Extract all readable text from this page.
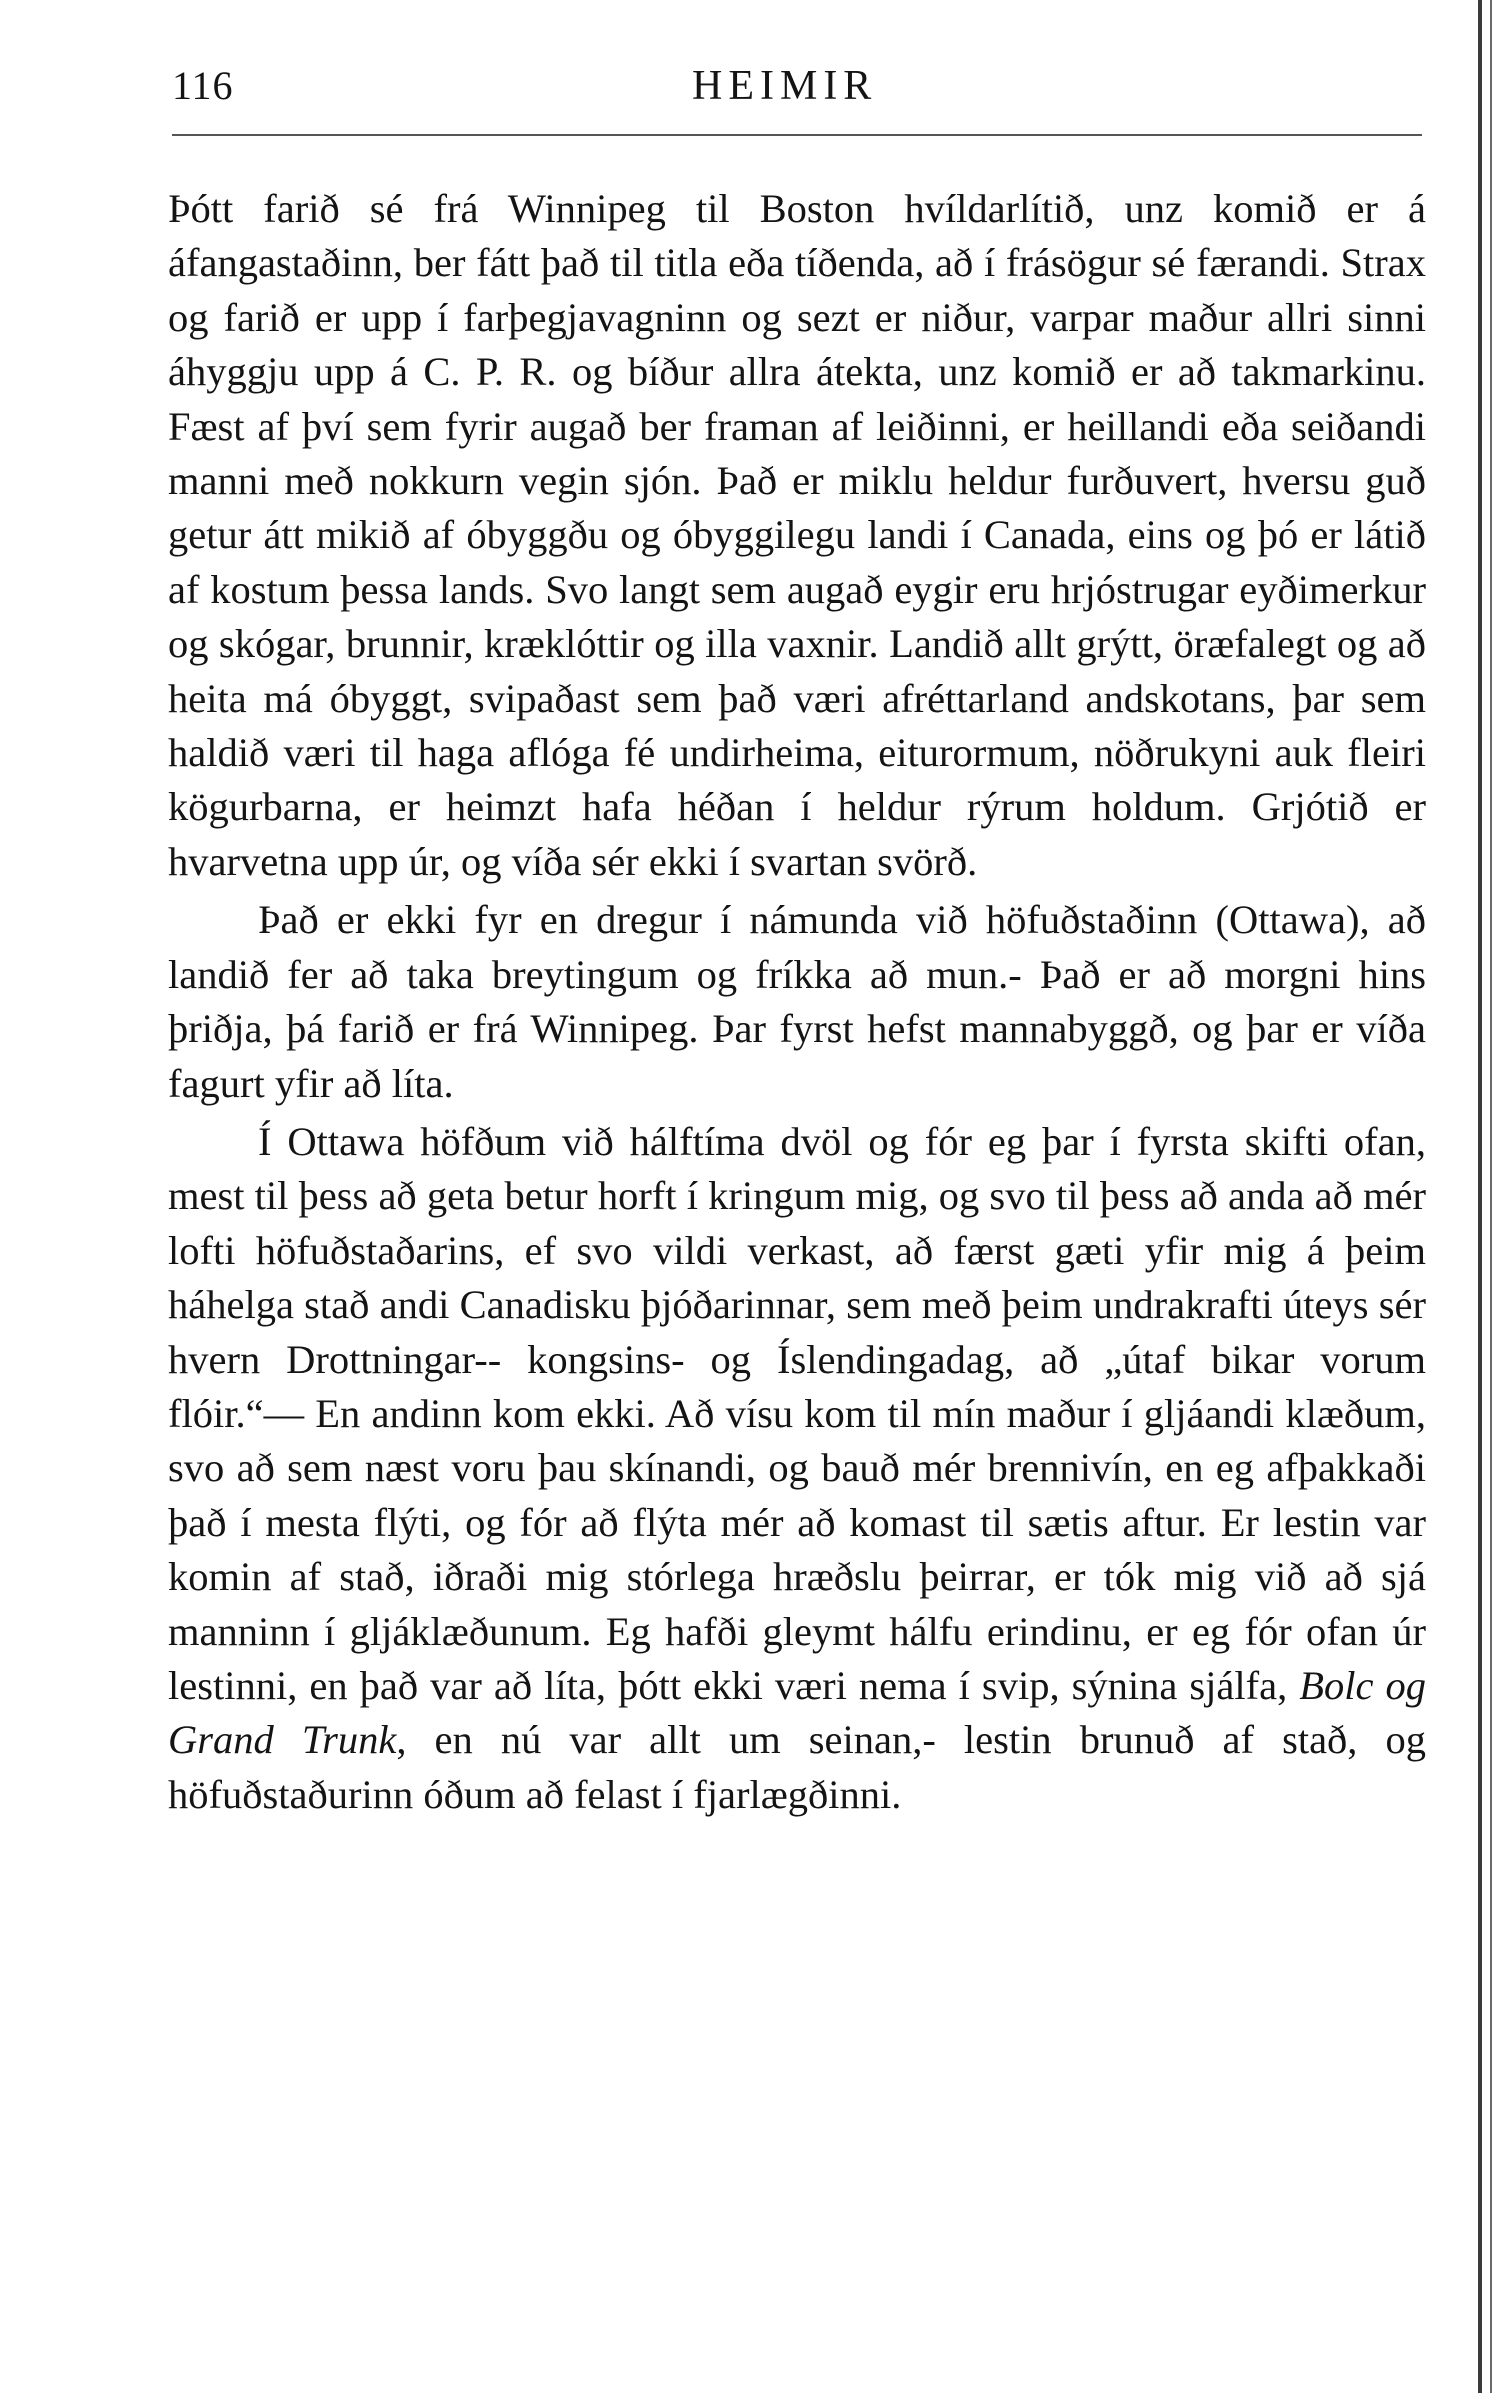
116	HEIMIR

Þótt farið sé frá Winnipeg til Boston hvíldarlítið, unz komið er á áfangastaðinn, ber fátt það til titla eða tíðenda, að í frásögur sé færandi. Strax og farið er upp í farþegjavagninn og sezt er niður, varpar maður allri sinni áhyggju upp á C. P. R. og bíður allra átekta, unz komið er að takmarkinu. Fæst af því sem fyrir augað ber framan af leiðinni, er heillandi eða seiðandi manni með nokkurn vegin sjón. Það er miklu heldur furðuvert, hversu guð getur átt mikið af óbyggðu og óbyggilegu landi í Canada, eins og þó er látið af kostum þessa lands. Svo langt sem augað eygir eru hrjóstrugar eyðimerkur og skógar, brunnir, kræklóttir og illa vaxnir. Landið allt grýtt, öræfalegt og að heita má óbyggt, svipaðast sem það væri afréttarland andskotans, þar sem haldið væri til haga aflóga fé undirheima, eiturormum, nöðrukyni auk fleiri kögurbarna, er heimzt hafa héðan í heldur rýrum holdum. Grjótið er hvarvetna upp úr, og víða sér ekki í svartan svörð.

Það er ekki fyr en dregur í námunda við höfuðstaðinn (Ottawa), að landið fer að taka breytingum og fríkka að mun.- Það er að morgni hins þriðja, þá farið er frá Winnipeg. Þar fyrst hefst mannabyggð, og þar er víða fagurt yfir að líta.

Í Ottawa höfðum við hálftíma dvöl og fór eg þar í fyrsta skifti ofan, mest til þess að geta betur horft í kringum mig, og svo til þess að anda að mér lofti höfuðstaðarins, ef svo vildi verkast, að færst gæti yfir mig á þeim háhelga stað andi Canadisku þjóðarinnar, sem með þeim undrakrafti úteys sér hvern Drottningar-- kongsins- og Íslendingadag, að „útaf bikar vorum flóir.“— En andinn kom ekki. Að vísu kom til mín maður í gljáandi klæðum, svo að sem næst voru þau skínandi, og bauð mér brennivín, en eg afþakkaði það í mesta flýti, og fór að flýta mér að komast til sætis aftur. Er lestin var komin af stað, iðraði mig stórlega hræðslu þeirrar, er tók mig við að sjá manninn í gljáklæðunum. Eg hafði gleymt hálfu erindinu, er eg fór ofan úr lestinni, en það var að líta, þótt ekki væri nema í svip, sýnina sjálfa, Bolc og Grand Trunk, en nú var allt um seinan,- lestin brunuð af stað, og höfuðstaðurinn óðum að felast í fjarlægðinni.
